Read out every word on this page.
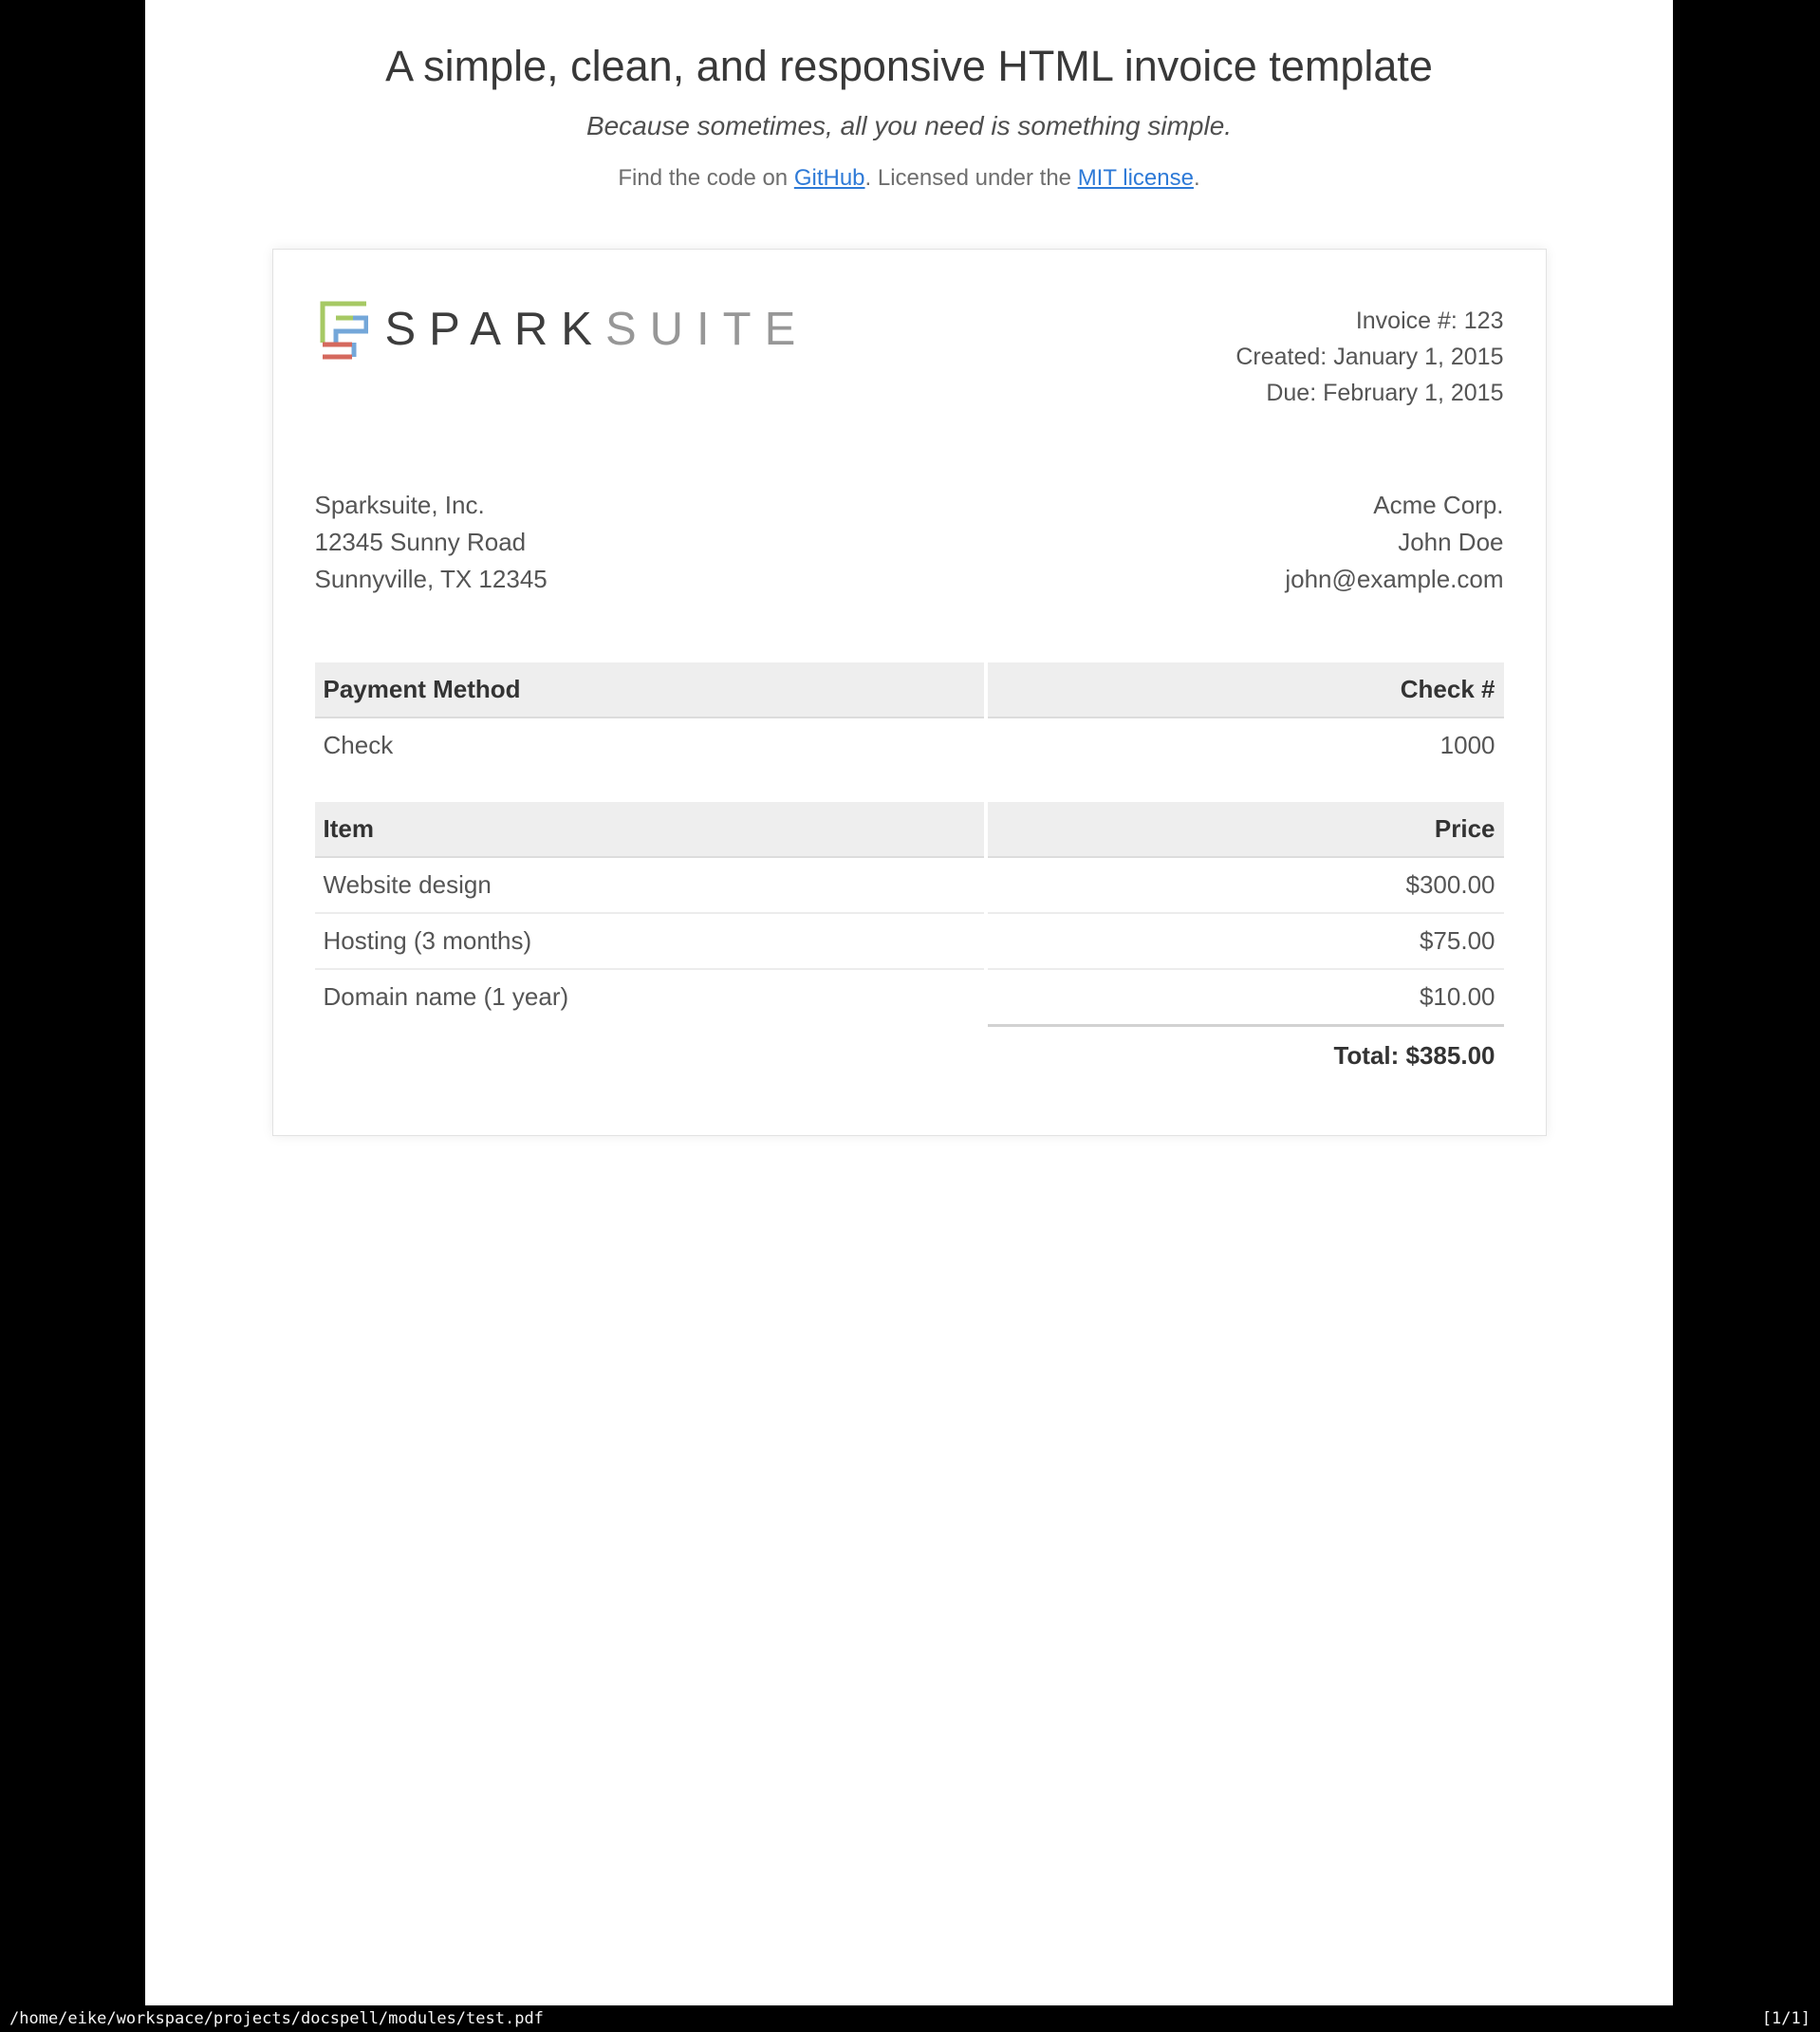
A simple, clean, and responsive HTML invoice template
Because sometimes, all you need is something simple.
Find the code on GitHub. Licensed under the MIT license.
SPARKSUITE	Invoice #: 123
Created: January 1, 2015
Due: February 1, 2015
Sparksuite, Inc.
12345 Sunny Road
Sunnyville, TX 12345
Acme Corp.
John Doe
john@example.com
Payment Method	Check #
Check	1000
Item	Price
Website design	$300.00
Hosting (3 months)	$75.00
Domain name (1 year)	$10.00
	Total: $385.00
/home/eike/workspace/projects/docspell/modules/test.pdf	[1/1]
